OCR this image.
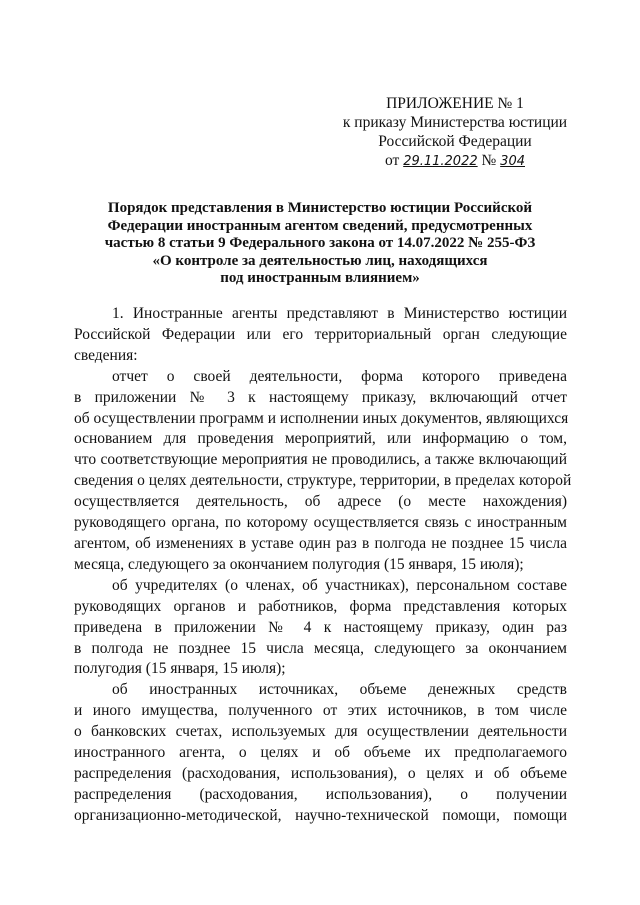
ПРИЛОЖЕНИЕ № 1
к приказу Министерства юстиции
Российской Федерации
от 29.11.2022 № 304
Порядок представления в Министерство юстиции Российской
Федерации иностранным агентом сведений, предусмотренных
частью 8 статьи 9 Федерального закона от 14.07.2022 № 255-ФЗ
«О контроле за деятельностью лиц, находящихся
под иностранным влиянием»
1. Иностранные агенты представляют в Министерство юстиции
Российской Федерации или его территориальный орган следующие
сведения:
отчет о своей деятельности, форма которого приведена
в приложении № 3 к настоящему приказу, включающий отчет
об осуществлении программ и исполнении иных документов, являющихся
основанием для проведения мероприятий, или информацию о том,
что соответствующие мероприятия не проводились, а также включающий
сведения о целях деятельности, структуре, территории, в пределах которой
осуществляется деятельность, об адресе (о месте нахождения)
руководящего органа, по которому осуществляется связь с иностранным
агентом, об изменениях в уставе один раз в полгода не позднее 15 числа
месяца, следующего за окончанием полугодия (15 января, 15 июля);
об учредителях (о членах, об участниках), персональном составе
руководящих органов и работников, форма представления которых
приведена в приложении № 4 к настоящему приказу, один раз
в полгода не позднее 15 числа месяца, следующего за окончанием
полугодия (15 января, 15 июля);
об иностранных источниках, объеме денежных средств
и иного имущества, полученного от этих источников, в том числе
о банковских счетах, используемых для осуществлении деятельности
иностранного агента, о целях и об объеме их предполагаемого
распределения (расходования, использования), о целях и об объеме
распределения (расходования, использования), о получении
организационно-методической, научно-технической помощи, помощи
